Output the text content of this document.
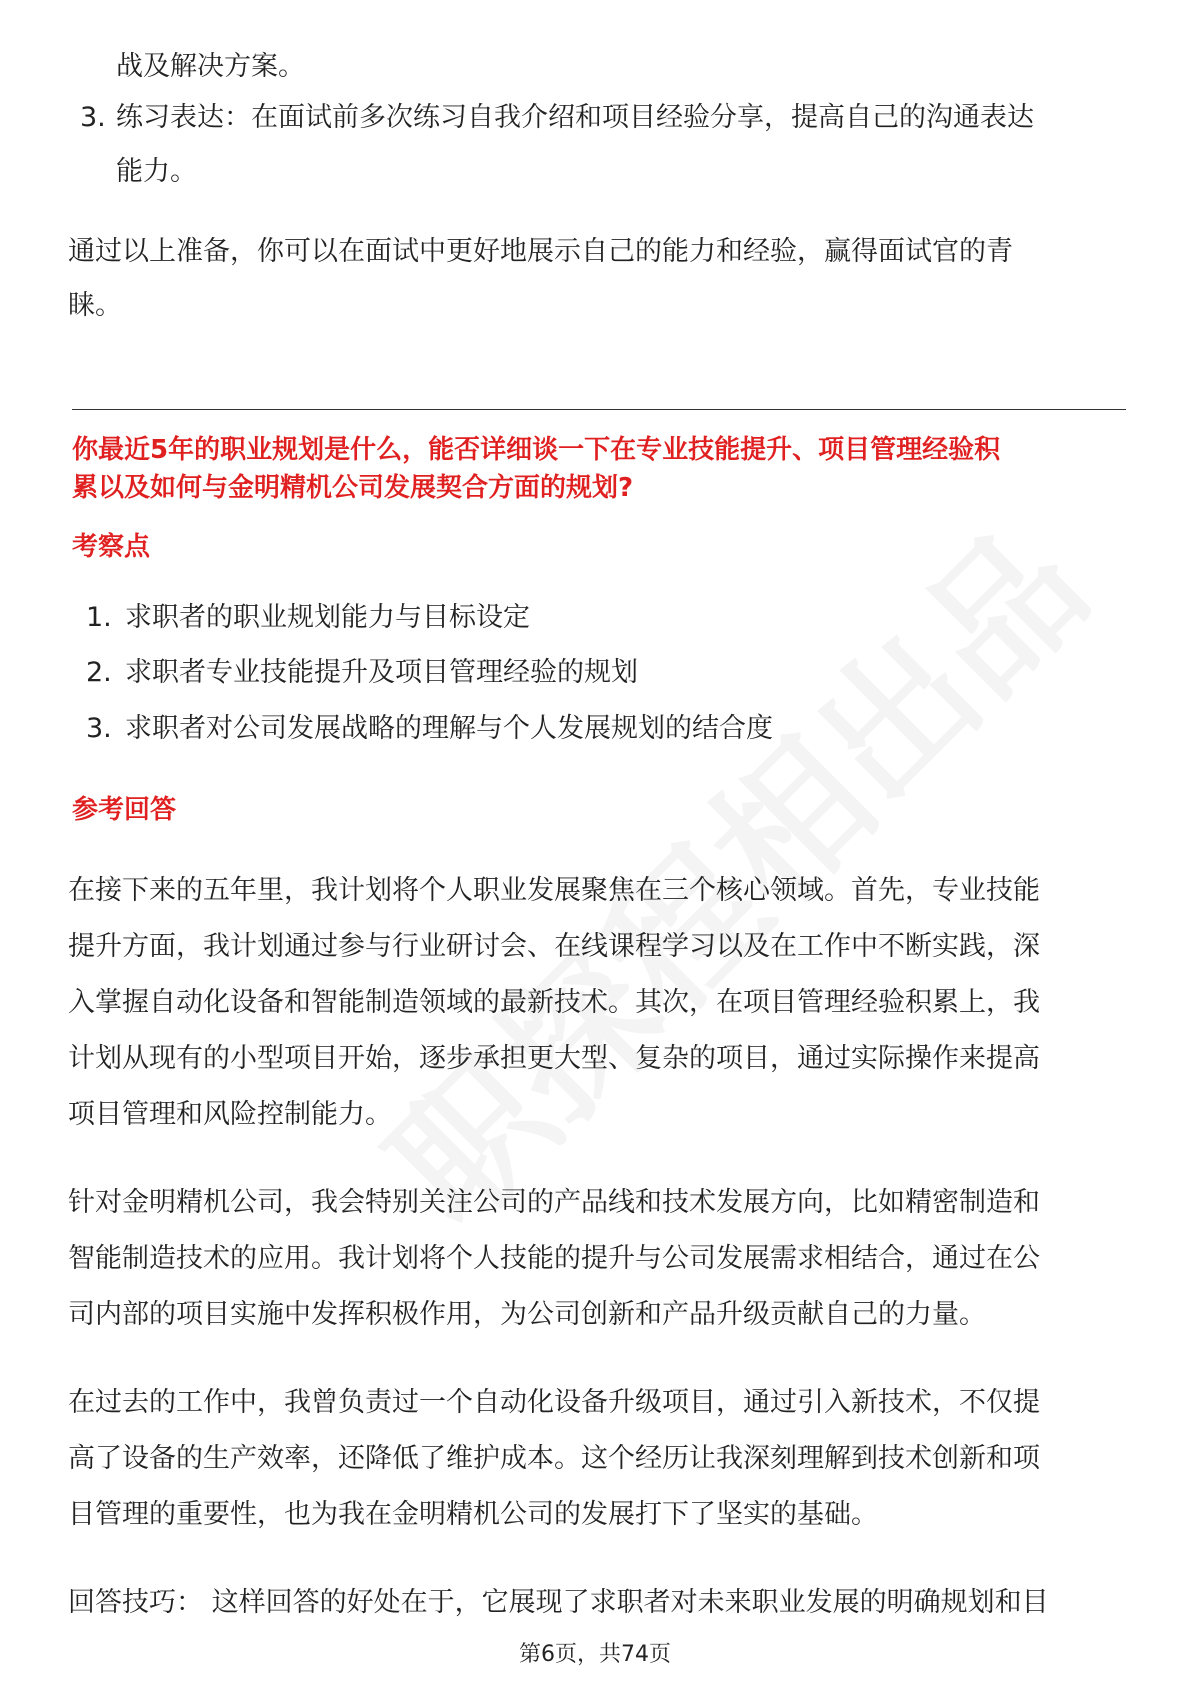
战及解决方案。
3. 练习表达：在面试前多次练习自我介绍和项目经验分享，提高自己的沟通表达
能力。
通过以上准备，你可以在面试中更好地展示自己的能力和经验，赢得面试官的青
睐。
你最近5年的职业规划是什么，能否详细谈一下在专业技能提升、项目管理经验积
累以及如何与金明精机公司发展契合方面的规划?
考察点
1. 求职者的职业规划能力与目标设定
2. 求职者专业技能提升及项目管理经验的规划
3. 求职者对公司发展战略的理解与个人发展规划的结合度
参考回答
在接下来的五年里，我计划将个人职业发展聚焦在三个核心领域。首先，专业技能
提升方面，我计划通过参与行业研讨会、在线课程学习以及在工作中不断实践，深
入掌握自动化设备和智能制造领域的最新技术。其次，在项目管理经验积累上，我
计划从现有的小型项目开始，逐步承担更大型、复杂的项目，通过实际操作来提高
项目管理和风险控制能力。
针对金明精机公司，我会特别关注公司的产品线和技术发展方向，比如精密制造和
智能制造技术的应用。我计划将个人技能的提升与公司发展需求相结合，通过在公
司内部的项目实施中发挥积极作用，为公司创新和产品升级贡献自己的力量。
在过去的工作中，我曾负责过一个自动化设备升级项目，通过引入新技术，不仅提
高了设备的生产效率，还降低了维护成本。这个经历让我深刻理解到技术创新和项
目管理的重要性，也为我在金明精机公司的发展打下了坚实的基础。
回答技巧： 这样回答的好处在于，它展现了求职者对未来职业发展的明确规划和目
第6页，共74页
